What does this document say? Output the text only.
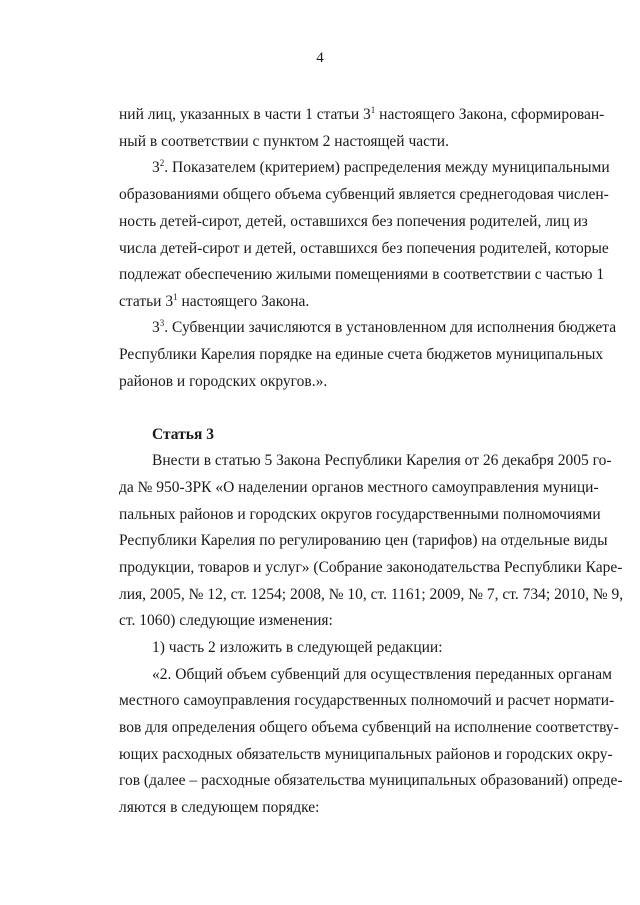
4
ний лиц, указанных в части 1 статьи $3^1$ настоящего Закона, сформирован-
ный в соответствии с пунктом 2 настоящей части.
$3^2$. Показателем (критерием) распределения между муниципальными
образованиями общего объема субвенций является среднегодовая числен-
ность детей-сирот, детей, оставшихся без попечения родителей, лиц из
числа детей-сирот и детей, оставшихся без попечения родителей, которые
подлежат обеспечению жилыми помещениями в соответствии с частью 1
статьи $3^1$ настоящего Закона.
$3^3$. Субвенции зачисляются в установленном для исполнения бюджета
Республики Карелия порядке на единые счета бюджетов муниципальных
районов и городских округов.».
Статья 3
Внести в статью 5 Закона Республики Карелия от 26 декабря 2005 го-
да № 950-ЗРК «О наделении органов местного самоуправления муници-
пальных районов и городских округов государственными полномочиями
Республики Карелия по регулированию цен (тарифов) на отдельные виды
продукции, товаров и услуг» (Собрание законодательства Республики Каре-
лия, 2005, № 12, ст. 1254; 2008, № 10, ст. 1161; 2009, № 7, ст. 734; 2010, № 9,
ст. 1060) следующие изменения:
1) часть 2 изложить в следующей редакции:
«2. Общий объем субвенций для осуществления переданных органам
местного самоуправления государственных полномочий и расчет нормати-
вов для определения общего объема субвенций на исполнение соответству-
ющих расходных обязательств муниципальных районов и городских окру-
гов (далее – расходные обязательства муниципальных образований) опреде-
ляются в следующем порядке:
